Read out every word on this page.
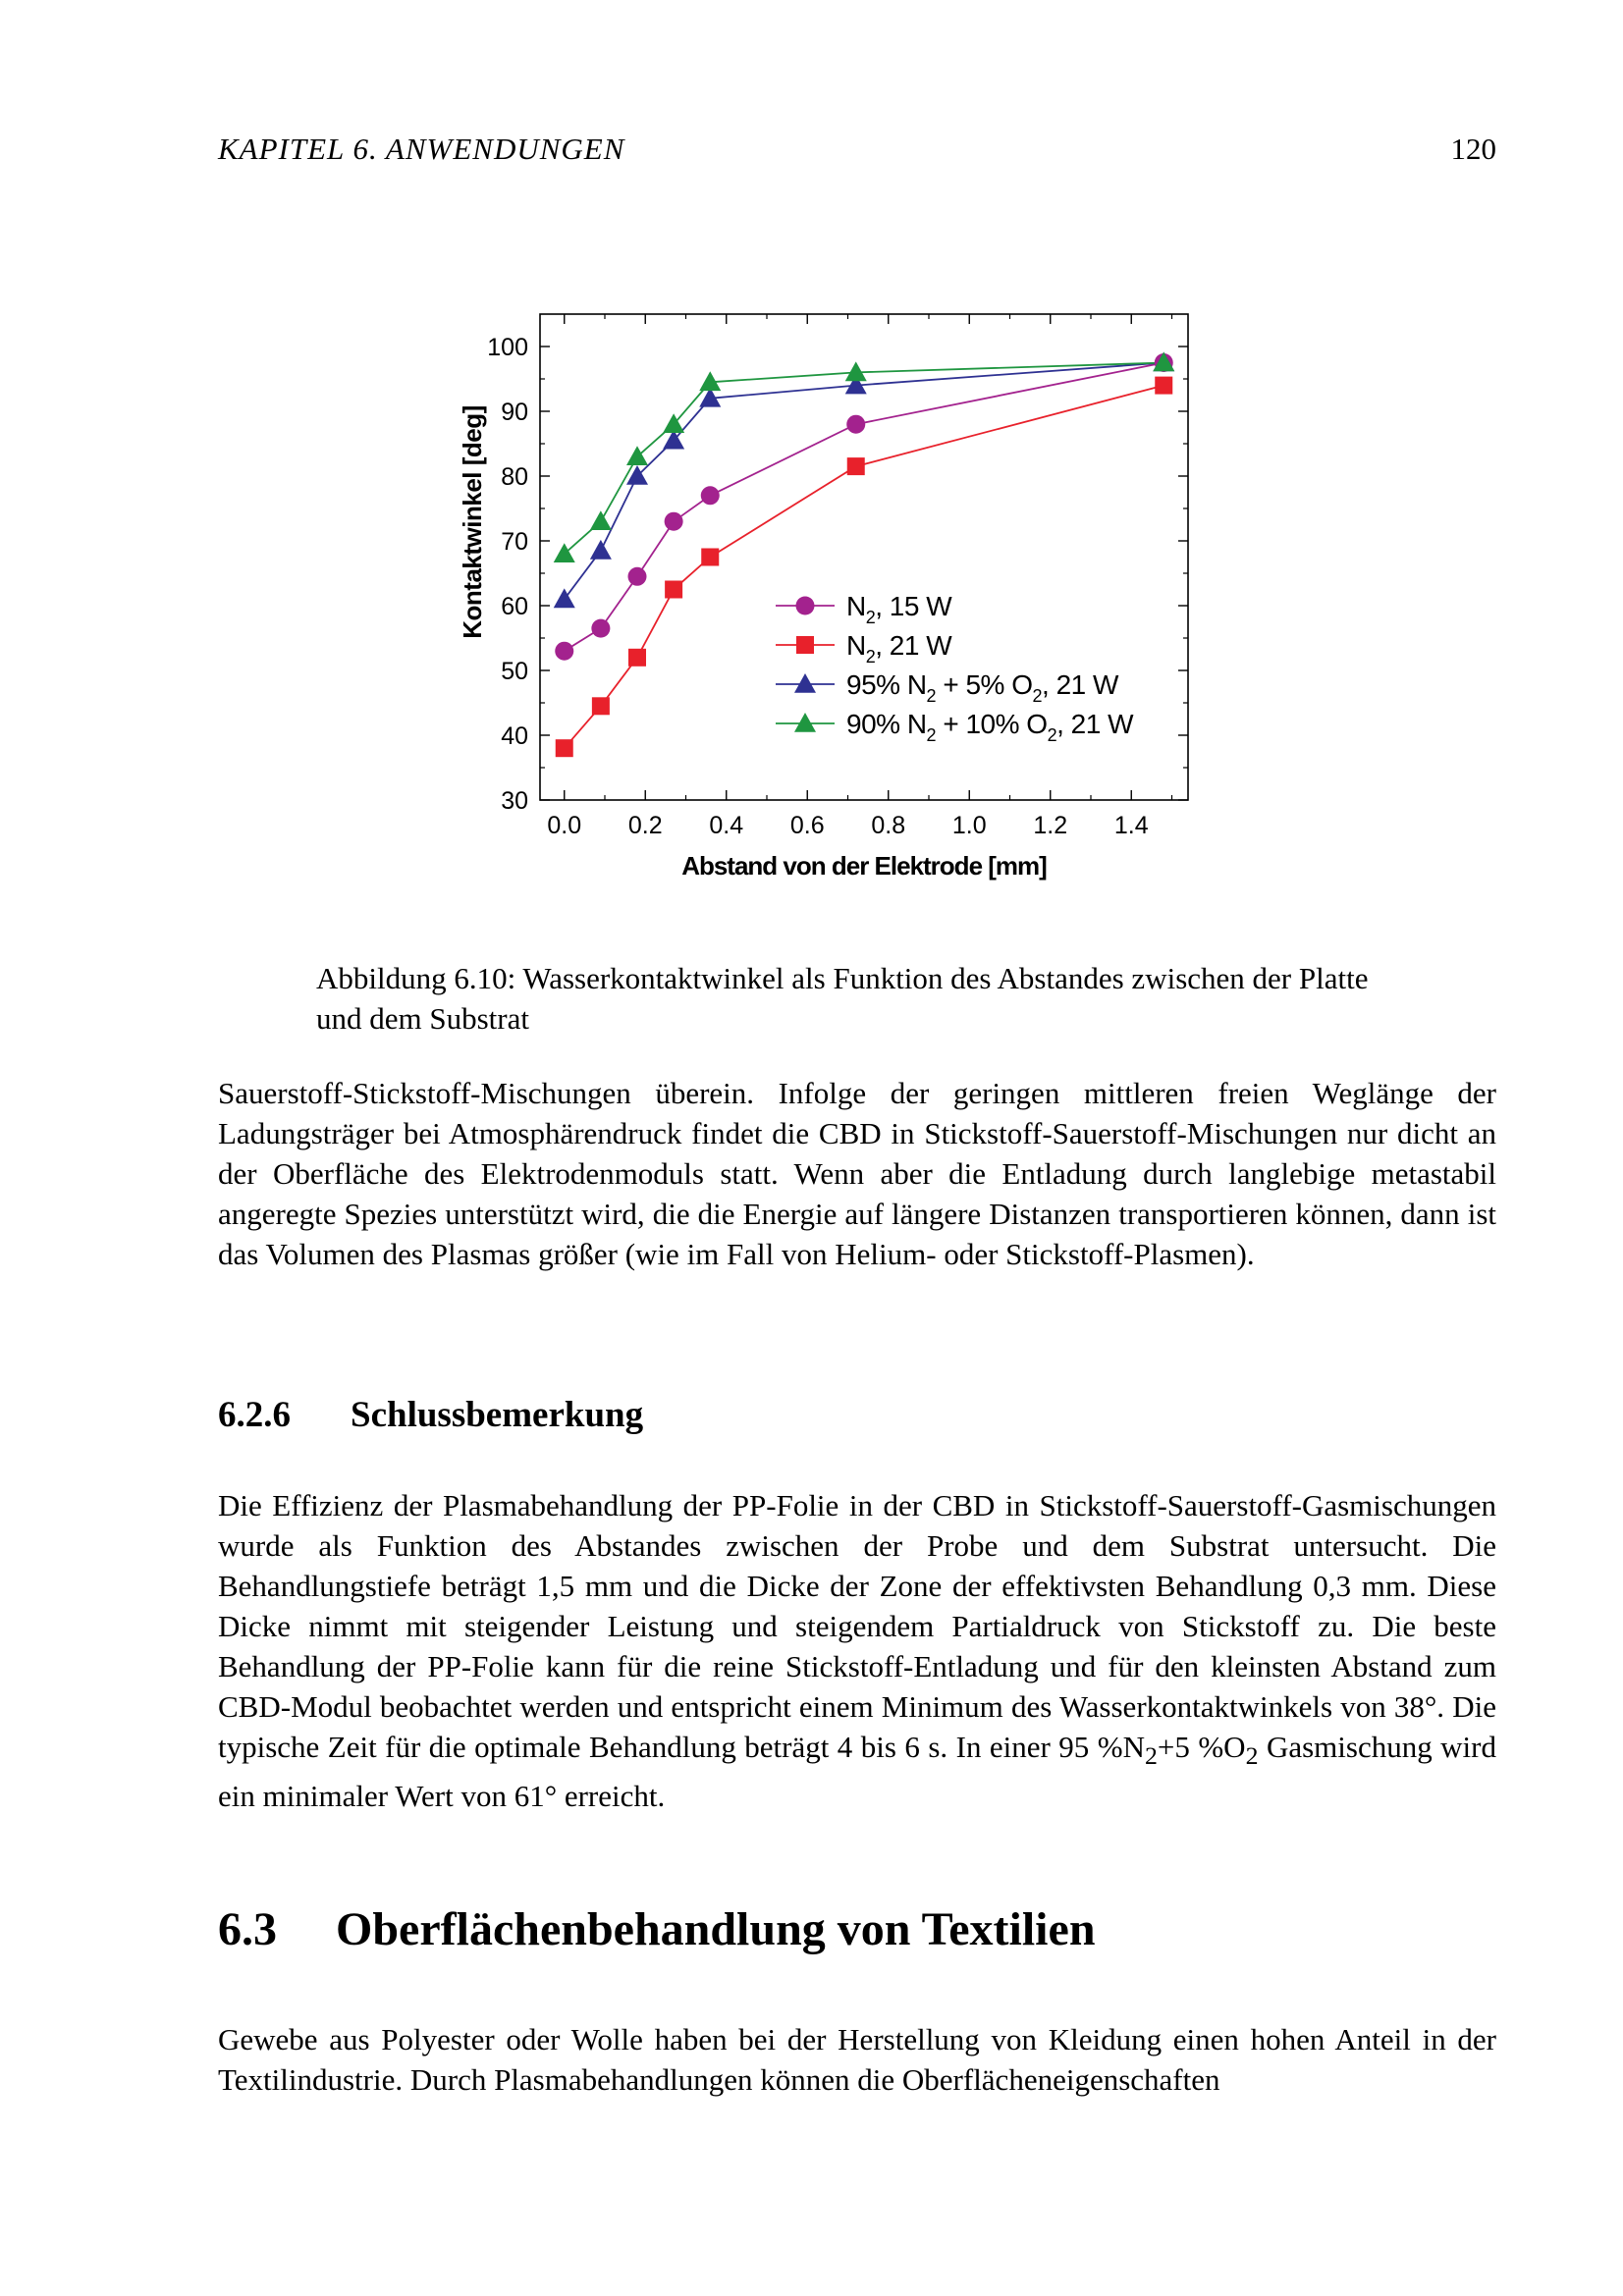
KAPITEL 6. ANWENDUNGEN	120
30
40
50
60
70
80
90
100
0.0 0.2 0.4 0.6 0.8 1.0 1.2 1.4
$N_2$, 15 W
$N_2$, 21 W
95% $N_2 + 5\%$ $O_2$, 21 W
90% $N_2 + 10\%$ $O_2$, 21 W
Abstand von der Elektrode [mm]
Kontaktwinkel [deg]
Abbildung 6.10: Wasserkontaktwinkel als Funktion des Abstandes zwischen der Platte und dem Substrat
Sauerstoff-Stickstoff-Mischungen überein. Infolge der geringen mittleren freien Weglänge der Ladungsträger bei Atmosphärendruck findet die CBD in Stickstoff-Sauerstoff-Mischungen nur dicht an der Oberfläche des Elektrodenmoduls statt. Wenn aber die Entladung durch langlebige metastabil angeregte Spezies unterstützt wird, die die Energie auf längere Distanzen transportieren können, dann ist das Volumen des Plasmas größer (wie im Fall von Helium- oder Stickstoff-Plasmen).
6.2.6 Schlussbemerkung
Die Effizienz der Plasmabehandlung der PP-Folie in der CBD in Stickstoff-Sauerstoff-Gasmischungen wurde als Funktion des Abstandes zwischen der Probe und dem Substrat untersucht. Die Behandlungstiefe beträgt 1,5 mm und die Dicke der Zone der effektivsten Behandlung 0,3 mm. Diese Dicke nimmt mit steigender Leistung und steigendem Partialdruck von Stickstoff zu. Die beste Behandlung der PP-Folie kann für die reine Stickstoff-Entladung und für den kleinsten Abstand zum CBD-Modul beobachtet werden und entspricht einem Minimum des Wasserkontaktwinkels von 38°. Die typische Zeit für die optimale Behandlung beträgt 4 bis 6 s. In einer 95 $\%N_2+5$ $\%O_2$ Gasmischung wird ein minimaler Wert von 61° erreicht.
6.3 Oberflächenbehandlung von Textilien
Gewebe aus Polyester oder Wolle haben bei der Herstellung von Kleidung einen hohen Anteil in der Textilindustrie. Durch Plasmabehandlungen können die Oberflächeneigenschaften
